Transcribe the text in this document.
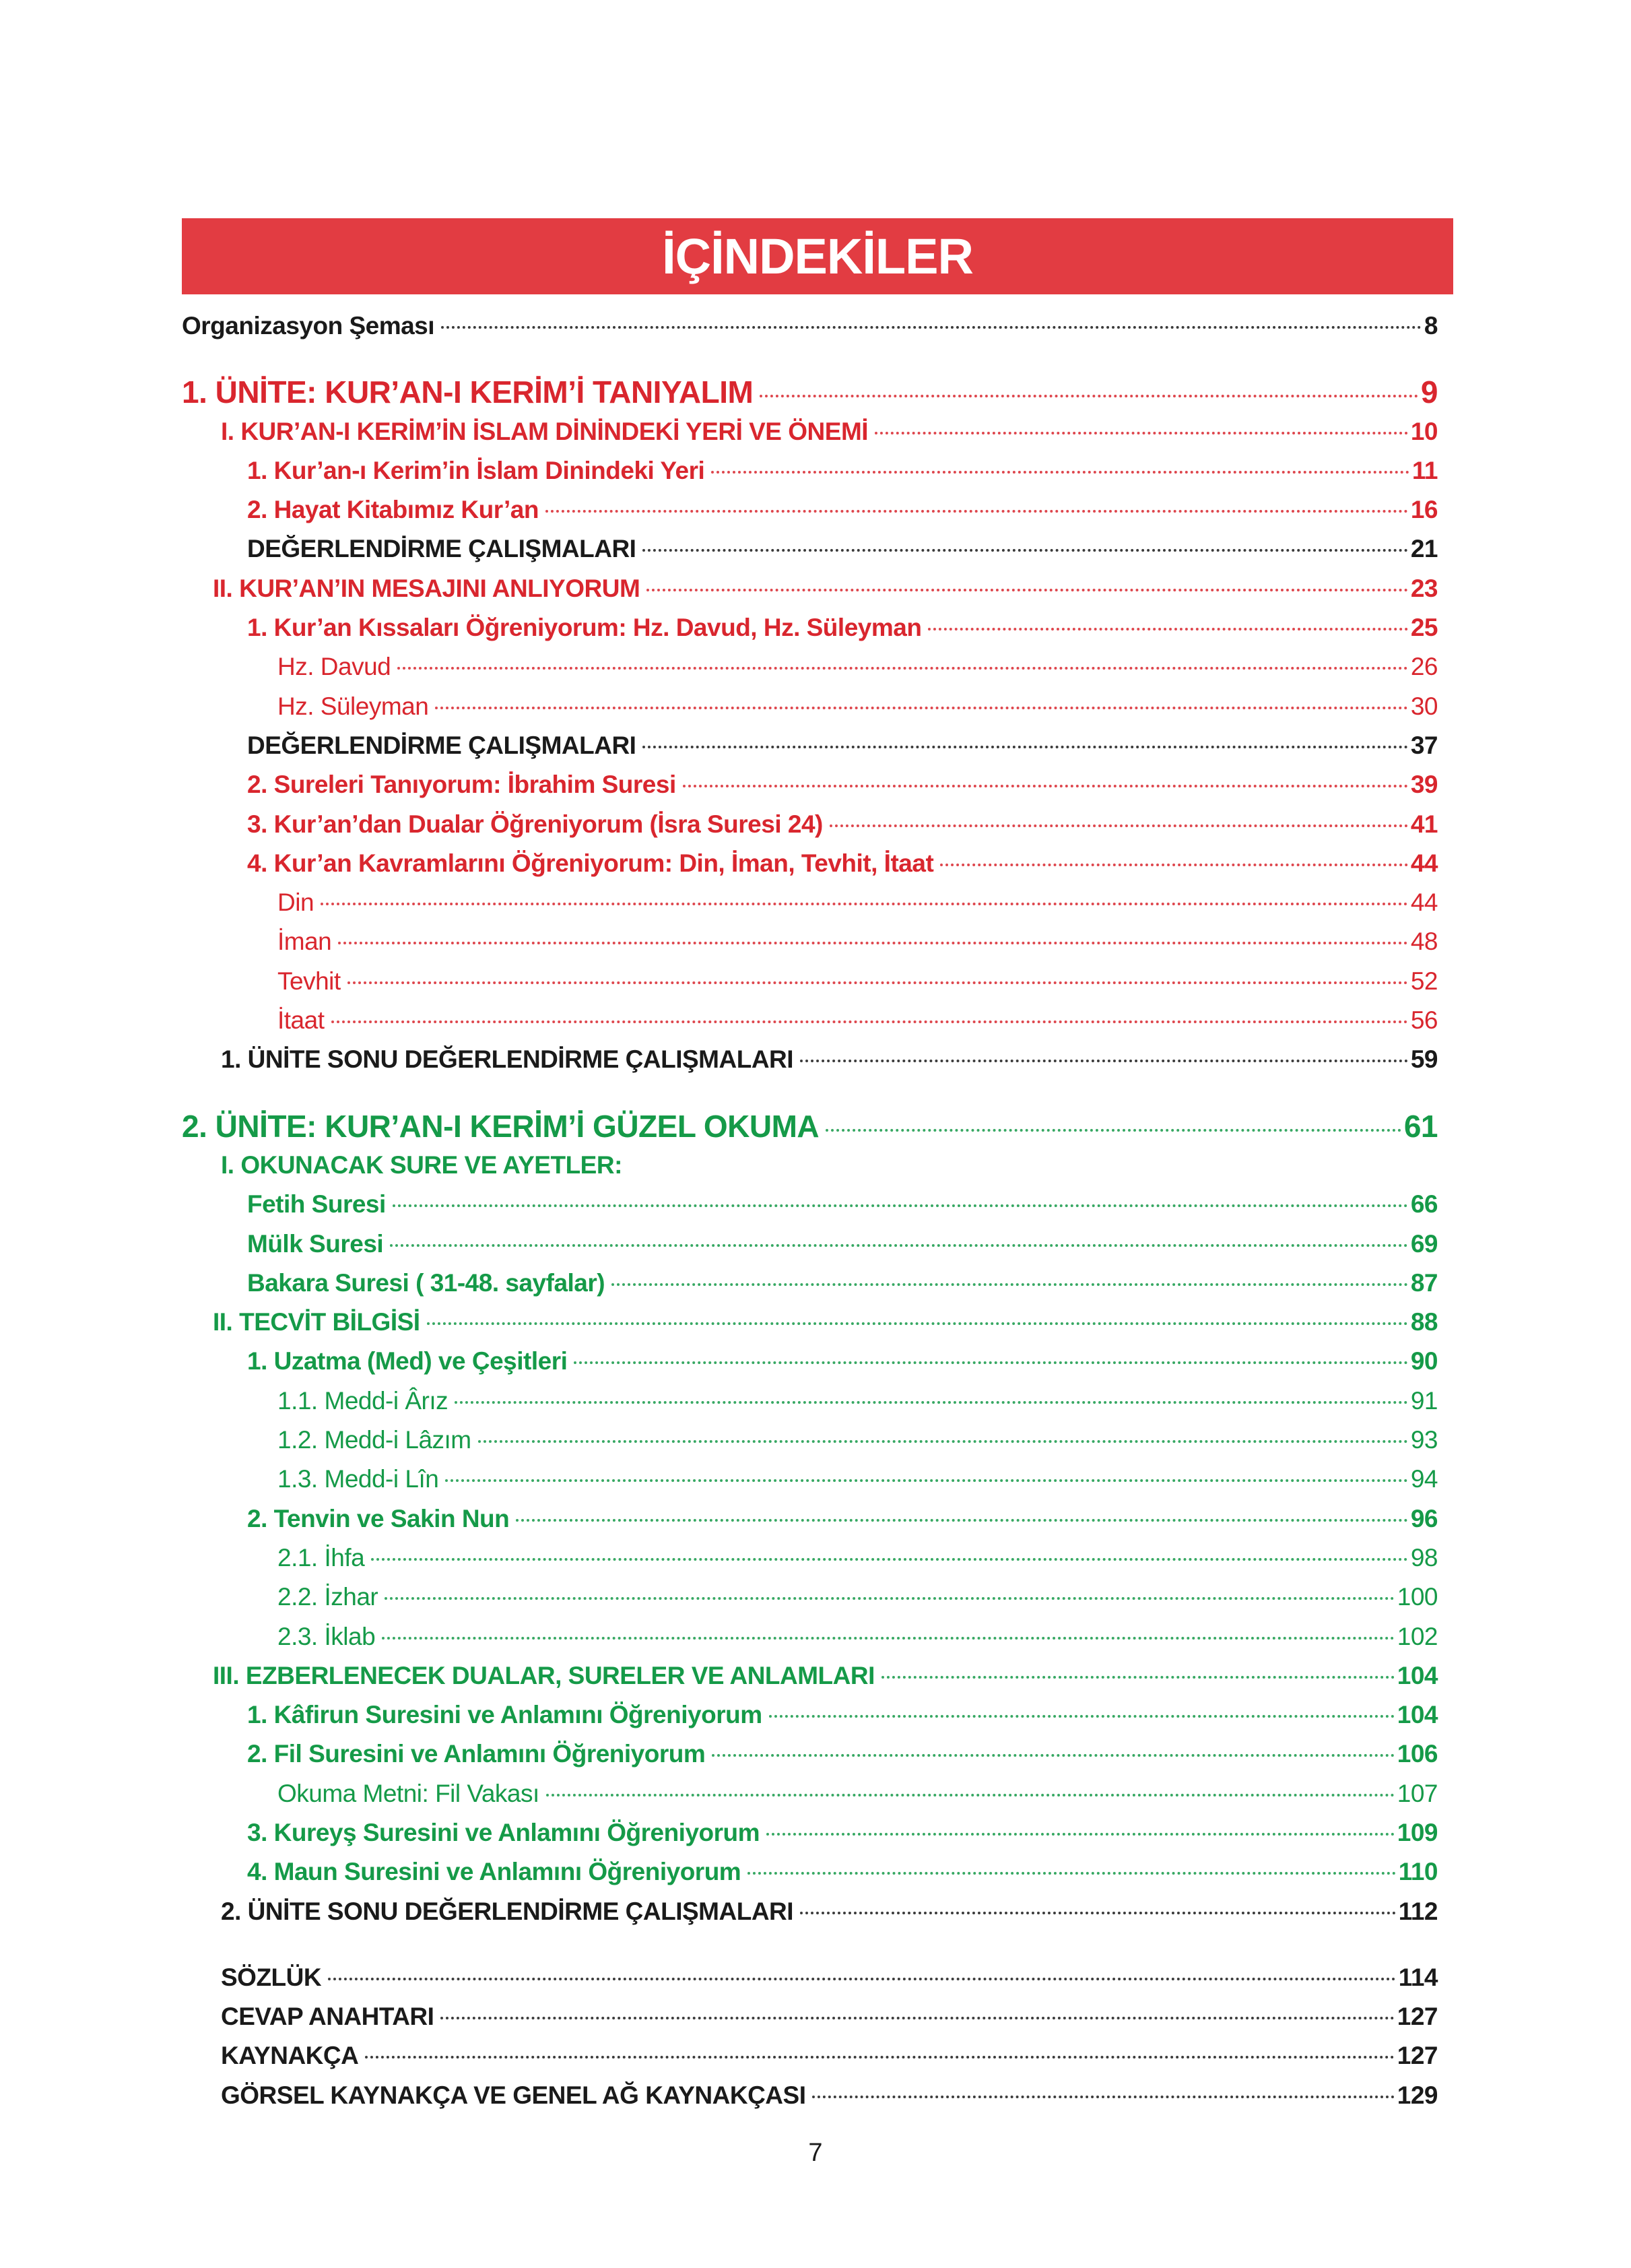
İÇİNDEKİLER
Organizasyon Şeması	8
1. ÜNİTE: KUR’AN-I KERİM’İ TANIYALIM	9
I. KUR’AN-I KERİM’İN İSLAM DİNİNDEKİ YERİ VE ÖNEMİ	10
1. Kur’an-ı Kerim’in İslam Dinindeki Yeri	11
2. Hayat Kitabımız Kur’an	16
DEĞERLENDİRME ÇALIŞMALARI	21
II. KUR’AN’IN MESAJINI ANLIYORUM	23
1. Kur’an Kıssaları Öğreniyorum: Hz. Davud, Hz. Süleyman	25
Hz. Davud	26
Hz. Süleyman	30
DEĞERLENDİRME ÇALIŞMALARI	37
2. Sureleri Tanıyorum: İbrahim Suresi	39
3. Kur’an’dan Dualar Öğreniyorum (İsra Suresi 24)	41
4. Kur’an Kavramlarını Öğreniyorum: Din, İman, Tevhit, İtaat	44
Din	44
İman	48
Tevhit	52
İtaat	56
1. ÜNİTE SONU DEĞERLENDİRME ÇALIŞMALARI	59
2. ÜNİTE: KUR’AN-I KERİM’İ GÜZEL OKUMA	61
I. OKUNACAK SURE VE AYETLER:
Fetih Suresi	66
Mülk Suresi	69
Bakara Suresi ( 31-48. sayfalar)	87
II. TECVİT BİLGİSİ	88
1. Uzatma (Med) ve Çeşitleri	90
1.1. Medd-i Ârız	91
1.2. Medd-i Lâzım	93
1.3. Medd-i Lîn	94
2. Tenvin ve Sakin Nun	96
2.1. İhfa	98
2.2. İzhar	100
2.3. İklab	102
III. EZBERLENECEK DUALAR, SURELER VE ANLAMLARI	104
1. Kâfirun Suresini ve Anlamını Öğreniyorum	104
2. Fil Suresini ve Anlamını Öğreniyorum	106
Okuma Metni: Fil Vakası	107
3. Kureyş Suresini ve Anlamını Öğreniyorum	109
4. Maun Suresini ve Anlamını Öğreniyorum	110
2. ÜNİTE SONU DEĞERLENDİRME ÇALIŞMALARI	112
SÖZLÜK	114
CEVAP ANAHTARI	127
KAYNAKÇA	127
GÖRSEL KAYNAKÇA VE GENEL AĞ KAYNAKÇASI	129
7
